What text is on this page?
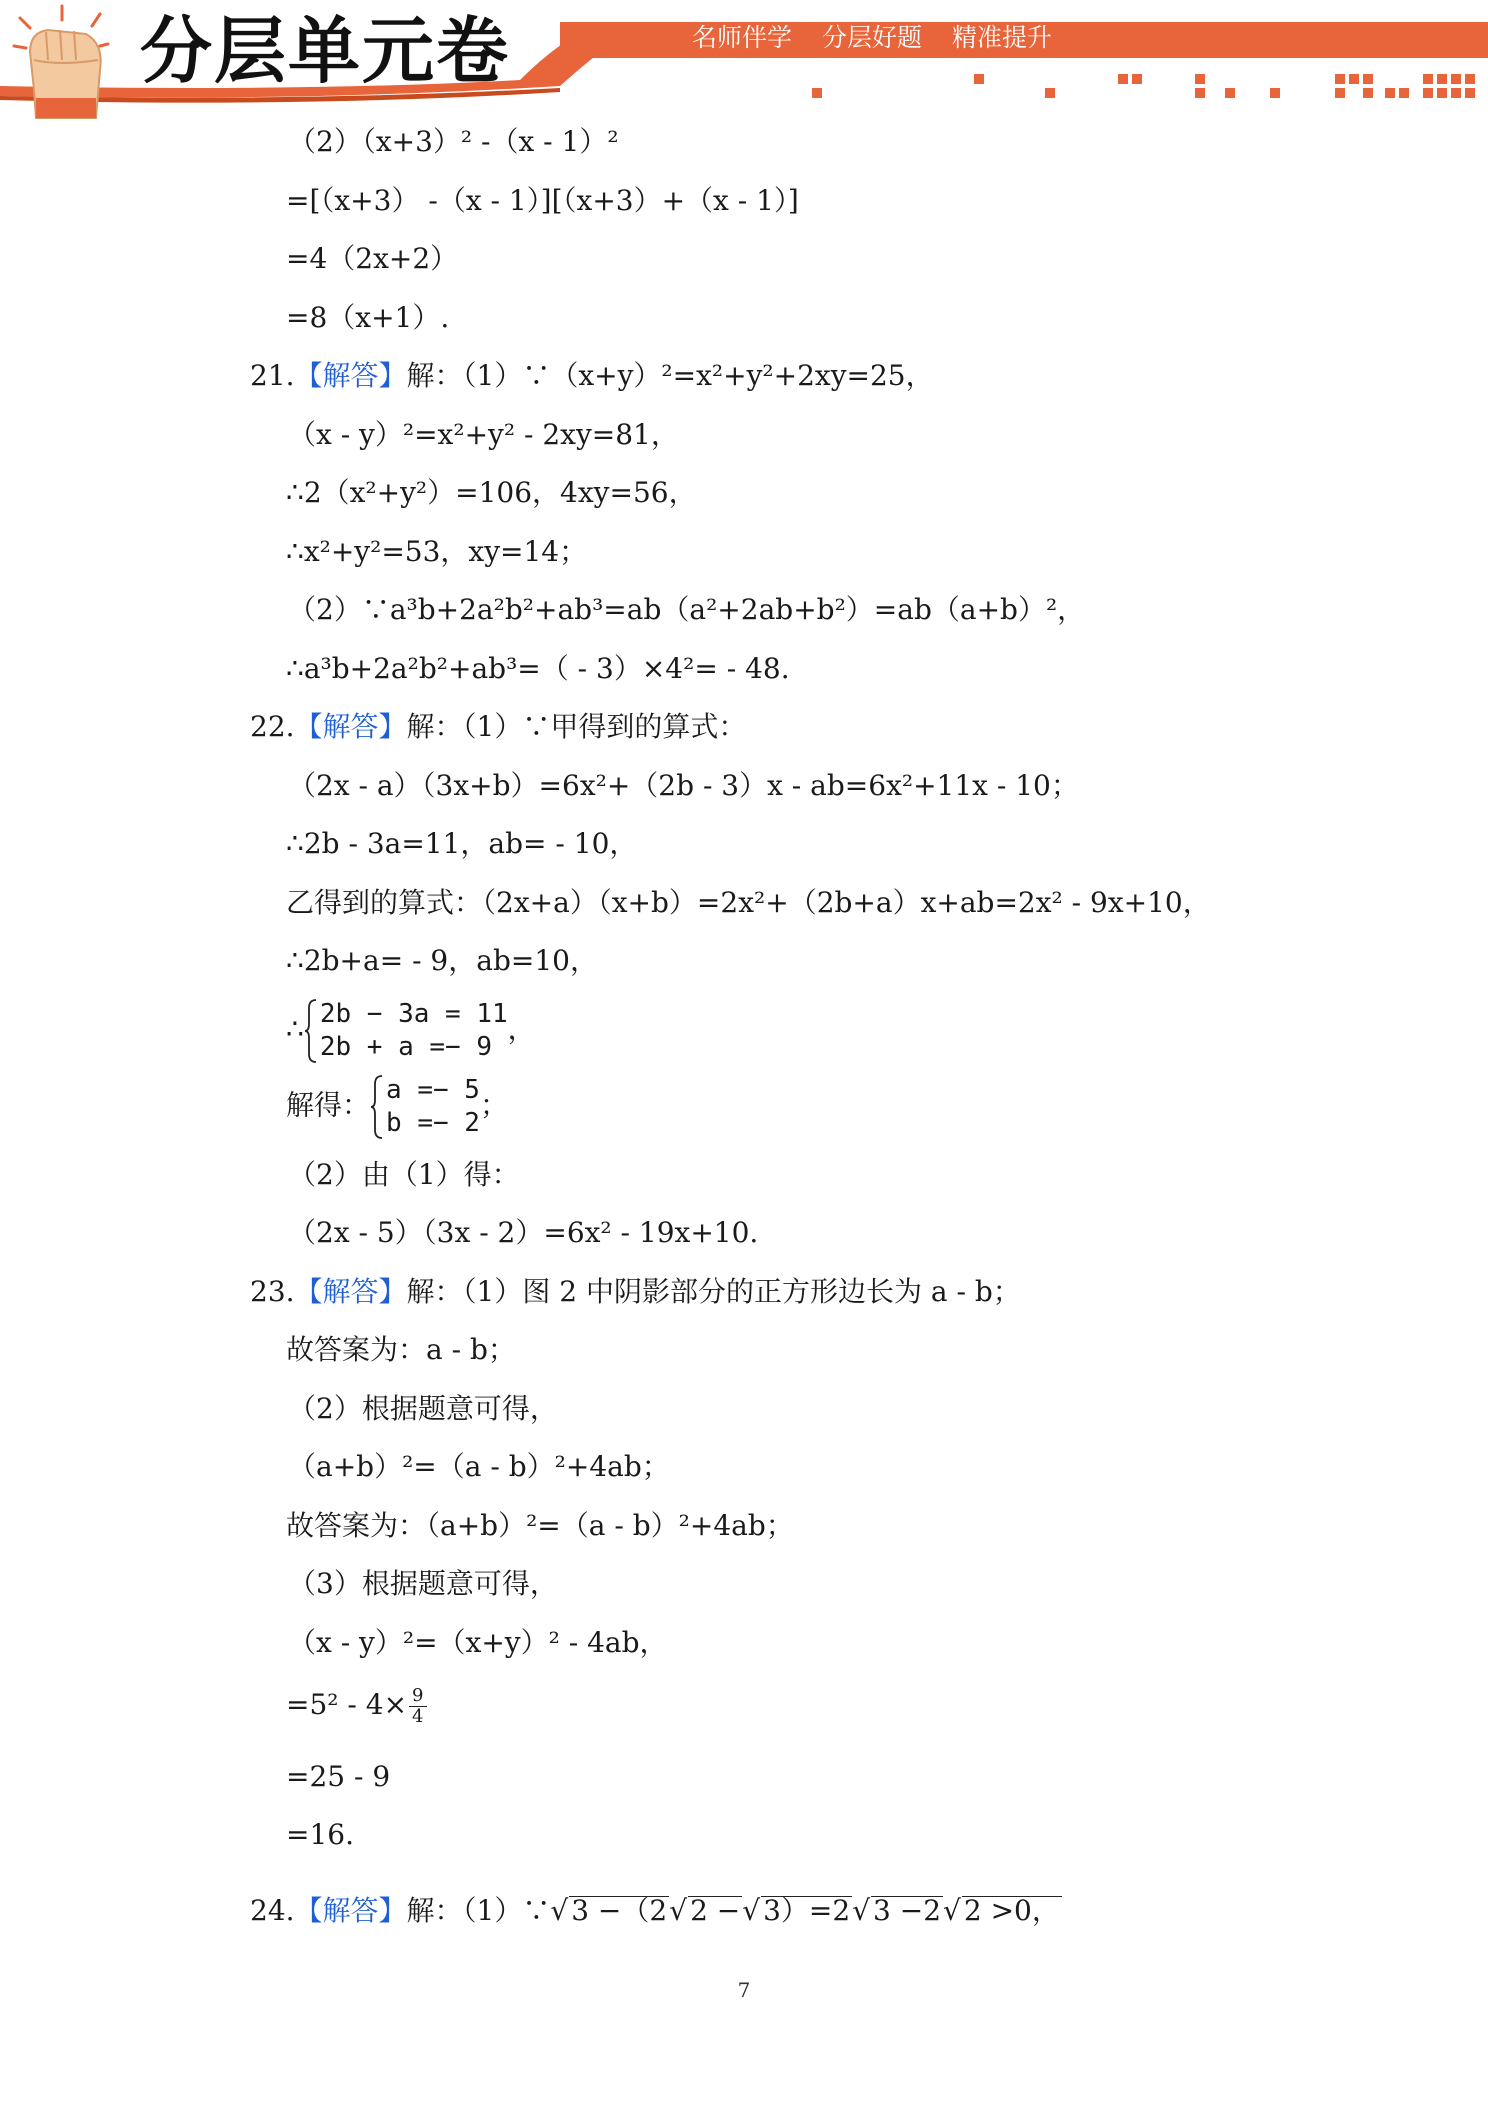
分层单元卷	名师伴学 分层好题 精准提升
（2）（x+3）² -（x - 1）²
=[（x+3） -（x - 1）][（x+3）+（x - 1）]
=4（2x+2）
=8（x+1）.
21.【解答】解：（1）∵（x+y）²=x²+y²+2xy=25，
（x - y）²=x²+y² - 2xy=81，
∴2（x²+y²）=106，4xy=56，
∴x²+y²=53，xy=14；
（2）∵a³b+2a²b²+ab³=ab（a²+2ab+b²）=ab（a+b）²，
∴a³b+2a²b²+ab³=（ - 3）×4²= - 48.
22.【解答】解：（1）∵甲得到的算式：
（2x - a）（3x+b）=6x²+（2b - 3）x - ab=6x²+11x - 10；
∴2b - 3a=11，ab= - 10，
乙得到的算式：（2x+a）（x+b）=2x²+（2b+a）x+ab=2x² - 9x+10，
∴2b+a= - 9，ab=10，
∴ 2b − 3a = 11
2b + a =− 9
，
解得： a =− 5
b =− 2
；
（2）由（1）得：
（2x - 5）（3x - 2）=6x² - 19x+10.
23.【解答】解：（1）图 2 中阴影部分的正方形边长为 a - b；
故答案为：a - b；
（2）根据题意可得，
（a+b）²=（a - b）²+4ab；
故答案为：（a+b）²=（a - b）²+4ab；
（3）根据题意可得，
（x - y）²=（x+y）² - 4ab，
$=5^2 - 4\times \frac{9}{4}$
=25 - 9
=16.
24.【解答】解：（1）∵√ 3 −（2√ 2 −√ 3）=2√ 3 −2√ 2 >0，
7
